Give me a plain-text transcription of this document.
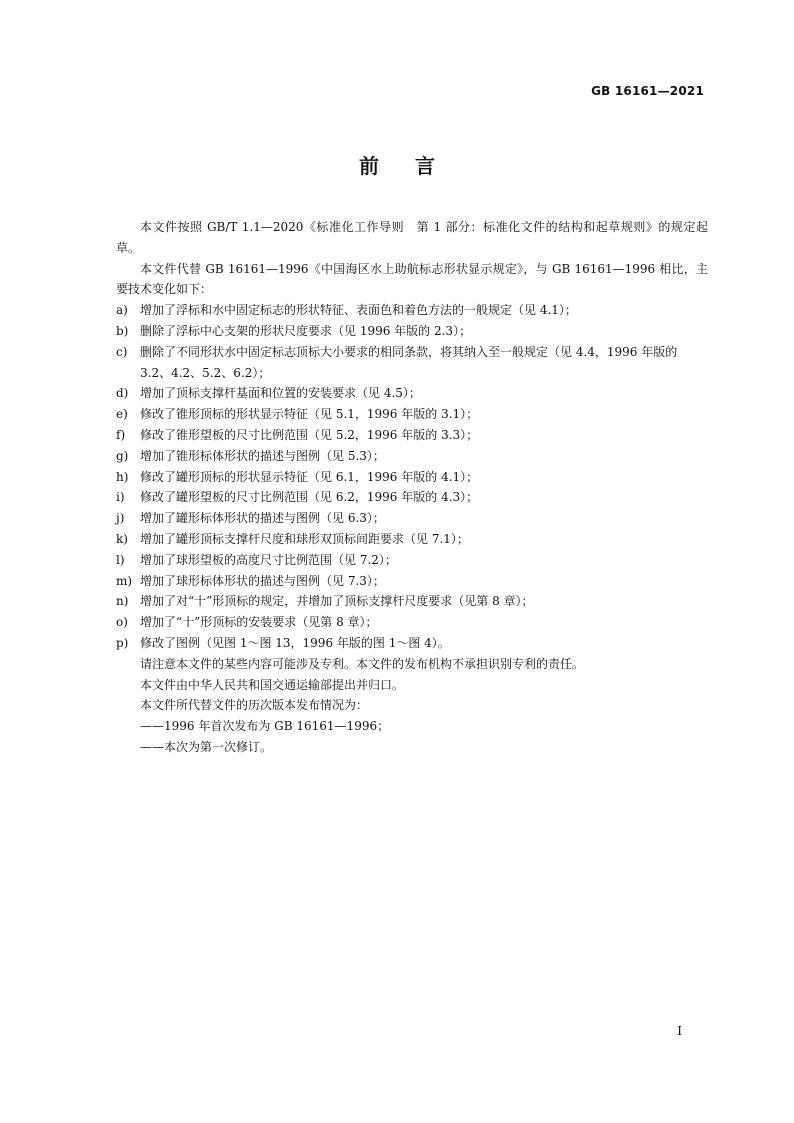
GB 16161—2021
前言

本文件按照 GB/T 1.1—2020《标准化工作导则　第 1 部分：标准化文件的结构和起草规则》的规定起草。

本文件代替 GB 16161—1996《中国海区水上助航标志形状显示规定》，与 GB 16161—1996 相比，主要技术变化如下：

a)	增加了浮标和水中固定标志的形状特征、表面色和着色方法的一般规定（见 4.1）；
b) 删除了浮标中心支架的形状尺度要求（见 1996 年版的 2.3）；
c)	删除了不同形状水中固定标志顶标大小要求的相同条款，将其纳入至一般规定（见 4.4，1996 年版的 3.2、4.2、5.2、6.2）；
d) 增加了顶标支撑杆基面和位置的安装要求（见 4.5）；
e)	修改了锥形顶标的形状显示特征（见 5.1，1996 年版的 3.1）；
f)	修改了锥形望板的尺寸比例范围（见 5.2，1996 年版的 3.3）；
g) 增加了锥形标体形状的描述与图例（见 5.3）；
h) 修改了罐形顶标的形状显示特征（见 6.1，1996 年版的 4.1）；
i)	修改了罐形望板的尺寸比例范围（见 6.2，1996 年版的 4.3）；
j)	增加了罐形标体形状的描述与图例（见 6.3）；
k)	增加了罐形顶标支撑杆尺度和球形双顶标间距要求（见 7.1）；
l)	增加了球形望板的高度尺寸比例范围（见 7.2）；
m) 增加了球形标体形状的描述与图例（见 7.3）；
n) 增加了对“十”形顶标的规定，并增加了顶标支撑杆尺度要求（见第 8 章）；
o)	增加了“十”形顶标的安装要求（见第 8 章）；
p) 修改了图例（见图 1～图 13，1996 年版的图 1～图 4）。

请注意本文件的某些内容可能涉及专利。本文件的发布机构不承担识别专利的责任。

本文件由中华人民共和国交通运输部提出并归口。

本文件所代替文件的历次版本发布情况为：

——1996 年首次发布为 GB 16161—1996；

——本次为第一次修订。

Ⅰ
